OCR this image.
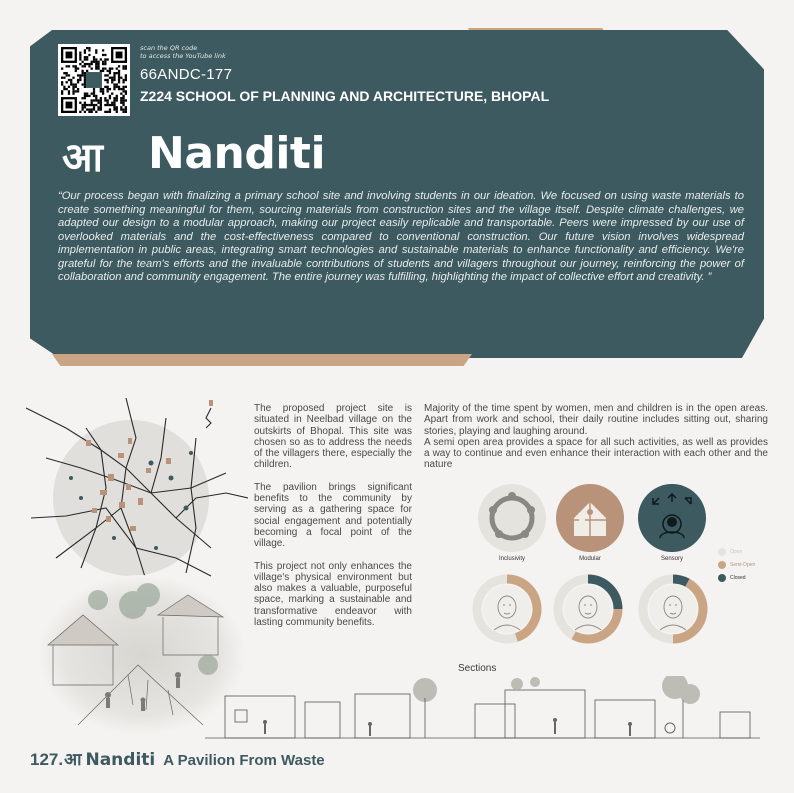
scan the QR code
to access the YouTube link
66ANDC-177
Z224 SCHOOL OF PLANNING AND ARCHITECTURE, BHOPAL
आ Nanditi
“Our process began with finalizing a primary school site and involving students in our ideation. We focused on using waste materials to create something meaningful for them, sourcing materials from construction sites and the village itself. Despite climate challenges, we adapted our design to a modular approach, making our project easily replicable and transportable. Peers were impressed by our use of overlooked materials and the cost-effectiveness compared to conventional construction. Our future vision involves widespread implementation in public areas, integrating smart technologies and sustainable materials to enhance functionality and efficiency. We're grateful for the team's efforts and the invaluable contributions of students and villagers throughout our journey, reinforcing the power of collaboration and community engagement. The entire journey was fulfilling, highlighting the impact of collective effort and creativity. ”

The proposed project site is situated in Neelbad village on the outskirts of Bhopal. This site was chosen so as to address the needs of the villagers there, especially the children.

The pavilion brings significant benefits to the community by serving as a gathering space for social engagement and potentially becoming a focal point of the village.

This project not only enhances the village's physical environment but also makes a valuable, purposeful space, marking a sustainable and transformative endeavor with lasting community benefits.

Majority of the time spent by women, men and children is in the open areas. Apart from work and school, their daily routine includes sitting out, sharing stories, playing and laughing around.

A semi open area provides a space for all such activities, as well as provides a way to continue and even enhance their interaction with each other and the nature

Inclusivity	Modular	Sensory
Open
Semi-Open
Closed
Sections
127. आ Nanditi A Pavilion From Waste
